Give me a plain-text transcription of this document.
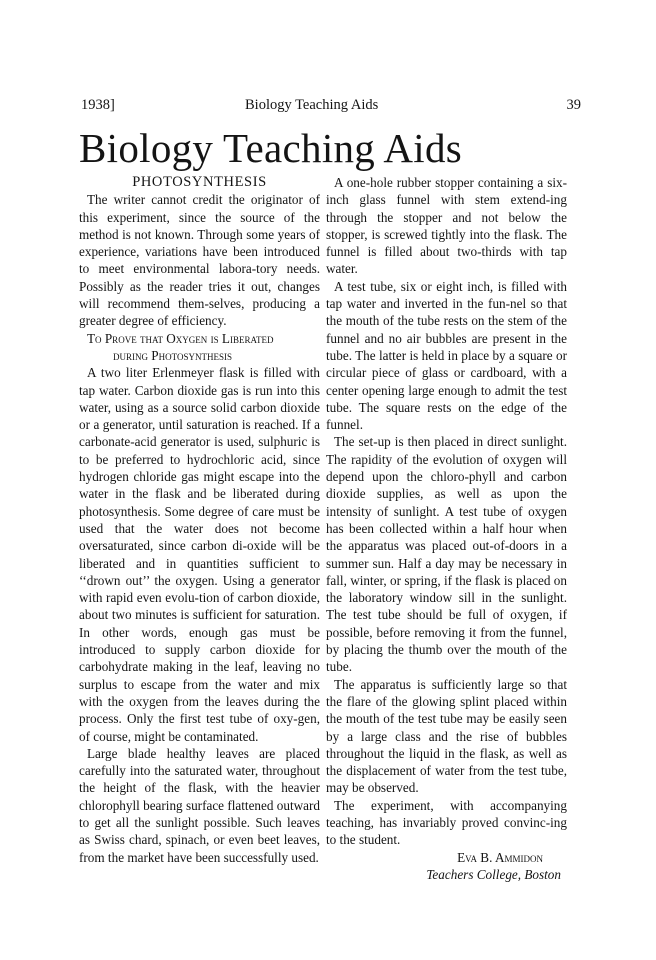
1938]	Biology Teaching Aids	39
Biology Teaching Aids
PHOTOSYNTHESIS

The writer cannot credit the originator of this experiment, since the source of the method is not known. Through some years of experience, variations have been introduced to meet environmental labora-tory needs. Possibly as the reader tries it out, changes will recommend them-selves, producing a greater degree of efficiency.

To Prove that Oxygen is Liberated
during Photosynthesis

A two liter Erlenmeyer flask is filled with tap water. Carbon dioxide gas is run into this water, using as a source solid carbon dioxide or a generator, until saturation is reached. If a carbonate-acid generator is used, sulphuric is to be preferred to hydrochloric acid, since hydrogen chloride gas might escape into the water in the flask and be liberated during photosynthesis. Some degree of care must be used that the water does not become oversaturated, since carbon di-oxide will be liberated and in quantities sufficient to ‘‘drown out’’ the oxygen. Using a generator with rapid even evolu-tion of carbon dioxide, about two minutes is sufficient for saturation. In other words, enough gas must be introduced to supply carbon dioxide for carbohydrate making in the leaf, leaving no surplus to escape from the water and mix with the oxygen from the leaves during the process. Only the first test tube of oxy-gen, of course, might be contaminated.

Large blade healthy leaves are placed carefully into the saturated water, throughout the height of the flask, with the heavier chlorophyll bearing surface flattened outward to get all the sunlight possible. Such leaves as Swiss chard, spinach, or even beet leaves, from the market have been successfully used.

A one-hole rubber stopper containing a six-inch glass funnel with stem extend-ing through the stopper and not below the stopper, is screwed tightly into the flask. The funnel is filled about two-thirds with tap water.

A test tube, six or eight inch, is filled with tap water and inverted in the fun-nel so that the mouth of the tube rests on the stem of the funnel and no air bubbles are present in the tube. The latter is held in place by a square or circular piece of glass or cardboard, with a center opening large enough to admit the test tube. The square rests on the edge of the funnel.

The set-up is then placed in direct sunlight. The rapidity of the evolution of oxygen will depend upon the chloro-phyll and carbon dioxide supplies, as well as upon the intensity of sunlight. A test tube of oxygen has been collected within a half hour when the apparatus was placed out-of-doors in a summer sun. Half a day may be necessary in fall, winter, or spring, if the flask is placed on the laboratory window sill in the sunlight. The test tube should be full of oxygen, if possible, before removing it from the funnel, by placing the thumb over the mouth of the tube.

The apparatus is sufficiently large so that the flare of the glowing splint placed within the mouth of the test tube may be easily seen by a large class and the rise of bubbles throughout the liquid in the flask, as well as the displacement of water from the test tube, may be observed.

The experiment, with accompanying teaching, has invariably proved convinc-ing to the student.

Eva B. Ammidon
Teachers College, Boston
